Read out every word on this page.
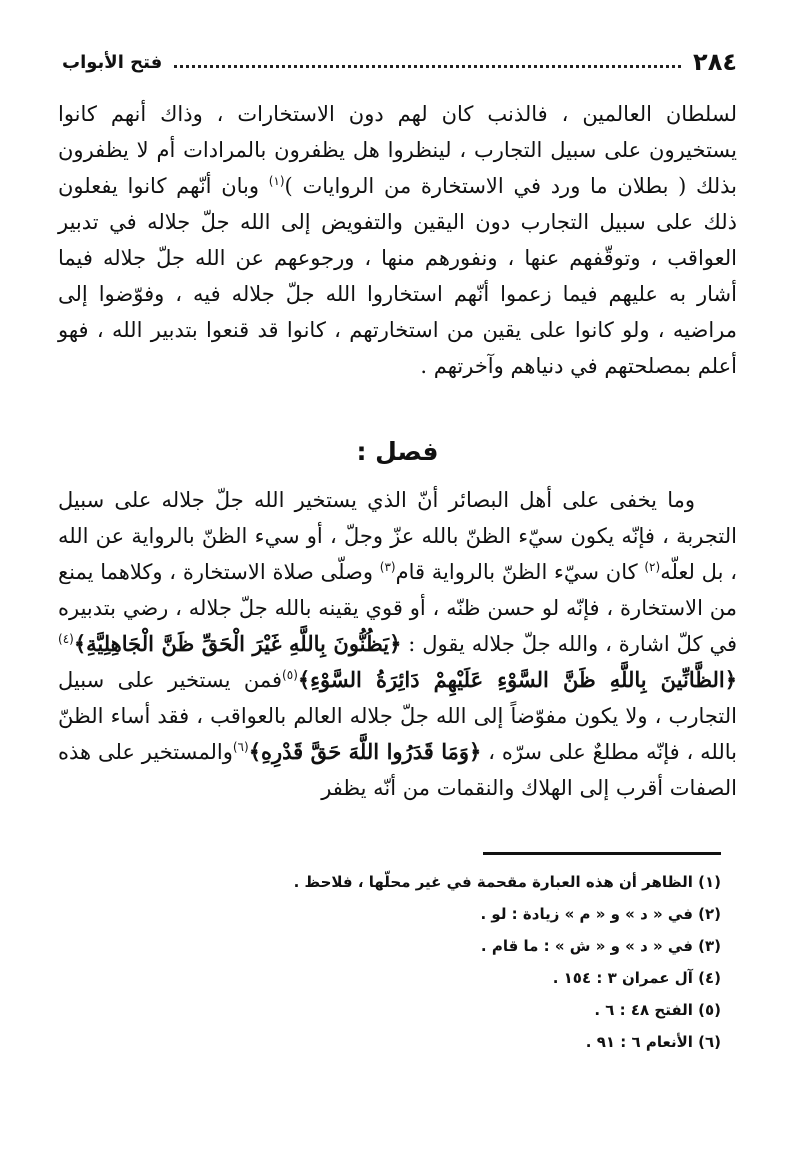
٢٨٤
فتح الأبواب
لسلطان العالمين ، فالذنب كان لهم دون الاستخارات ، وذاك أنهم كانوا يستخيرون على سبيل التجارب ، لينظروا هل يظفرون بالمرادات أم لا يظفرون بذلك ( بطلان ما ورد في الاستخارة من الروايات )$^{(١)}$ وبان أنّهم كانوا يفعلون ذلك على سبيل التجارب دون اليقين والتفويض إلى الله جلّ جلاله في تدبير العواقب ، وتوقّفهم عنها ، ونفورهم منها ، ورجوعهم عن الله جلّ جلاله فيما أشار به عليهم فيما زعموا أنّهم استخاروا الله جلّ جلاله فيه ، وفوّضوا إلى مراضيه ، ولو كانوا على يقين من استخارتهم ، كانوا قد قنعوا بتدبير الله ، فهو أعلم بمصلحتهم في دنياهم وآخرتهم .
فصل :
وما يخفى على أهل البصائر أنّ الذي يستخير الله جلّ جلاله على سبيل التجربة ، فإنّه يكون سيّء الظنّ بالله عزّ وجلّ ، أو سيء الظنّ بالرواية عن الله ، بل لعلّه$^{(٢)}$ كان سيّء الظنّ بالرواية قام$^{(٣)}$ وصلّى صلاة الاستخارة ، وكلاهما يمنع من الاستخارة ، فإنّه لو حسن ظنّه ، أو قوي يقينه بالله جلّ جلاله ، رضي بتدبيره في كلّ اشارة ، والله جلّ جلاله يقول : ﴿يَظُنُّونَ بِاللَّهِ غَيْرَ الْحَقِّ ظَنَّ الْجَاهِلِيَّةِ﴾$^{(٤)}$﴿الظَّانِّينَ بِاللَّهِ ظَنَّ السَّوْءِ عَلَيْهِمْ دَائِرَةُ السَّوْءِ﴾$^{(٥)}$فمن يستخير على سبيل التجارب ، ولا يكون مفوّضاً إلى الله جلّ جلاله العالم بالعواقب ، فقد أساء الظنّ بالله ، فإنّه مطلعٌ على سرّه ، ﴿وَمَا قَدَرُوا اللَّهَ حَقَّ قَدْرِهِ﴾$^{(٦)}$والمستخير على هذه الصفات أقرب إلى الهلاك والنقمات من أنّه يظفر
(١) الظاهر أن هذه العبارة مقحمة في غير محلّها ، فلاحظ .
(٢) في « د » و « م » زيادة : لو .
(٣) في « د » و « ش » : ما قام .
(٤) آل عمران ٣ : ١٥٤ .
(٥) الفتح ٤٨ : ٦ .
(٦) الأنعام ٦ : ٩١ .
